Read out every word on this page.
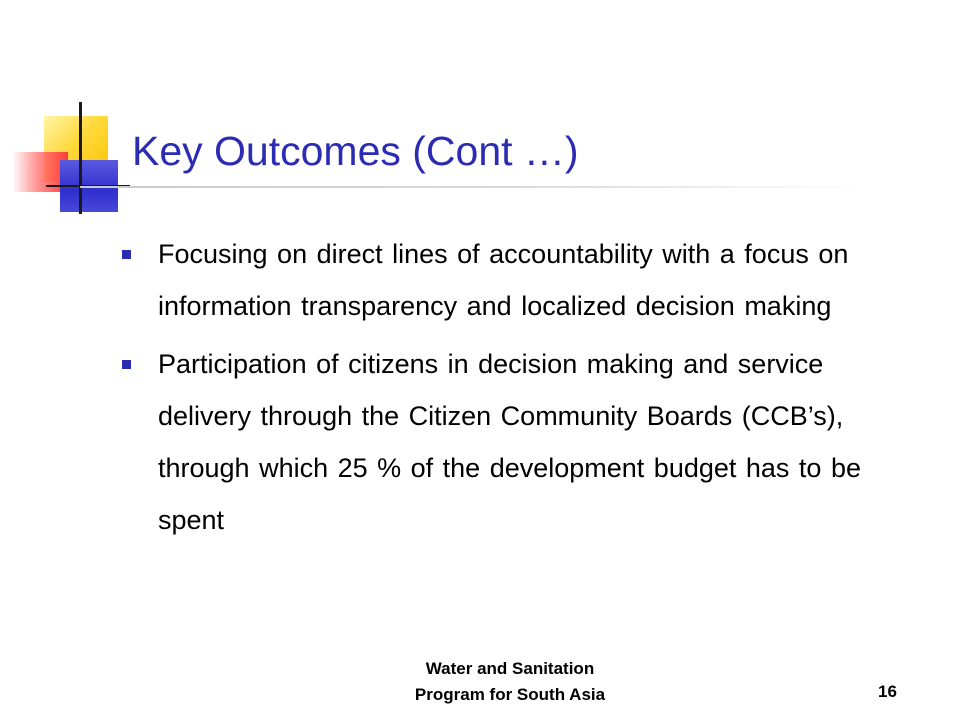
Key Outcomes (Cont …)
Focusing on direct lines of accountability with a focus on information transparency and localized decision making
Participation of citizens in decision making and service delivery through the Citizen Community Boards (CCB’s), through which 25 % of the development budget has to be spent
Water and Sanitation
Program for South Asia	16
